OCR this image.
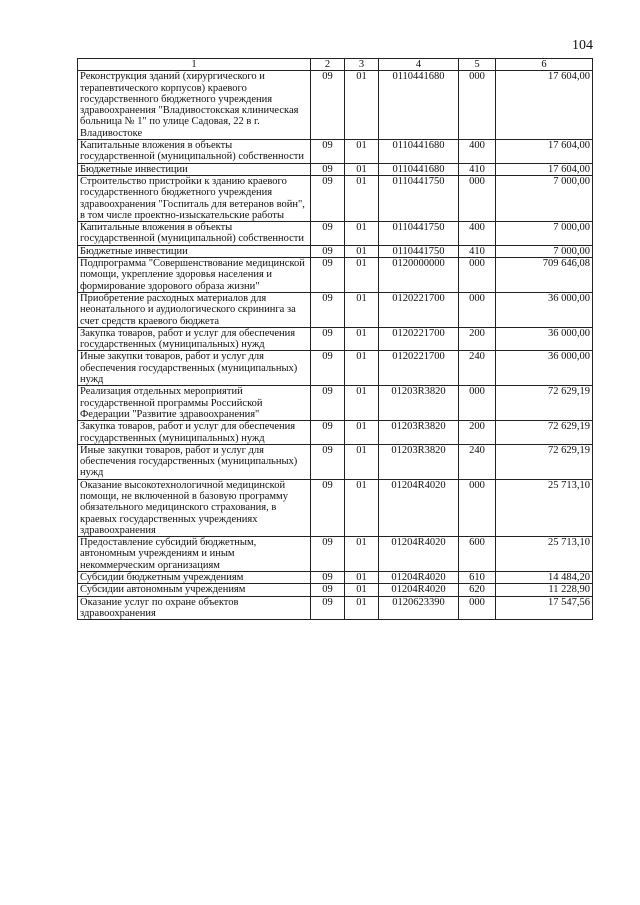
104
1	2	3	4	5	6
Реконструкция зданий (хирургического и терапевтического корпусов) краевого государственного бюджетного учреждения здравоохранения "Владивостокская клиническая больница № 1" по улице Садовая, 22 в г. Владивостоке	09	01	0110441680	000	17 604,00
Капитальные вложения в объекты государственной (муниципальной) собственности	09	01	0110441680	400	17 604,00
Бюджетные инвестиции	09	01	0110441680	410	17 604,00
Строительство пристройки к зданию краевого государственного бюджетного учреждения здравоохранения "Госпиталь для ветеранов войн", в том числе проектно-изыскательские работы	09	01	0110441750	000	7 000,00
Капитальные вложения в объекты государственной (муниципальной) собственности	09	01	0110441750	400	7 000,00
Бюджетные инвестиции	09	01	0110441750	410	7 000,00
Подпрограмма "Совершенствование медицинской помощи, укрепление здоровья населения и формирование здорового образа жизни"	09	01	0120000000	000	709 646,08
Приобретение расходных материалов для неонатального и аудиологического скрининга за счет средств краевого бюджета	09	01	0120221700	000	36 000,00
Закупка товаров, работ и услуг для обеспечения государственных (муниципальных) нужд	09	01	0120221700	200	36 000,00
Иные закупки товаров, работ и услуг для обеспечения государственных (муниципальных) нужд	09	01	0120221700	240	36 000,00
Реализация отдельных мероприятий государственной программы Российской Федерации "Развитие здравоохранения"	09	01	01203R3820	000	72 629,19
Закупка товаров, работ и услуг для обеспечения государственных (муниципальных) нужд	09	01	01203R3820	200	72 629,19
Иные закупки товаров, работ и услуг для обеспечения государственных (муниципальных) нужд	09	01	01203R3820	240	72 629,19
Оказание высокотехнологичной медицинской помощи, не включенной в базовую программу обязательного медицинского страхования, в краевых государственных учреждениях здравоохранения	09	01	01204R4020	000	25 713,10
Предоставление субсидий бюджетным, автономным учреждениям и иным некоммерческим организациям	09	01	01204R4020	600	25 713,10
Субсидии бюджетным учреждениям	09	01	01204R4020	610	14 484,20
Субсидии автономным учреждениям	09	01	01204R4020	620	11 228,90
Оказание услуг по охране объектов здравоохранения	09	01	0120623390	000	17 547,56
